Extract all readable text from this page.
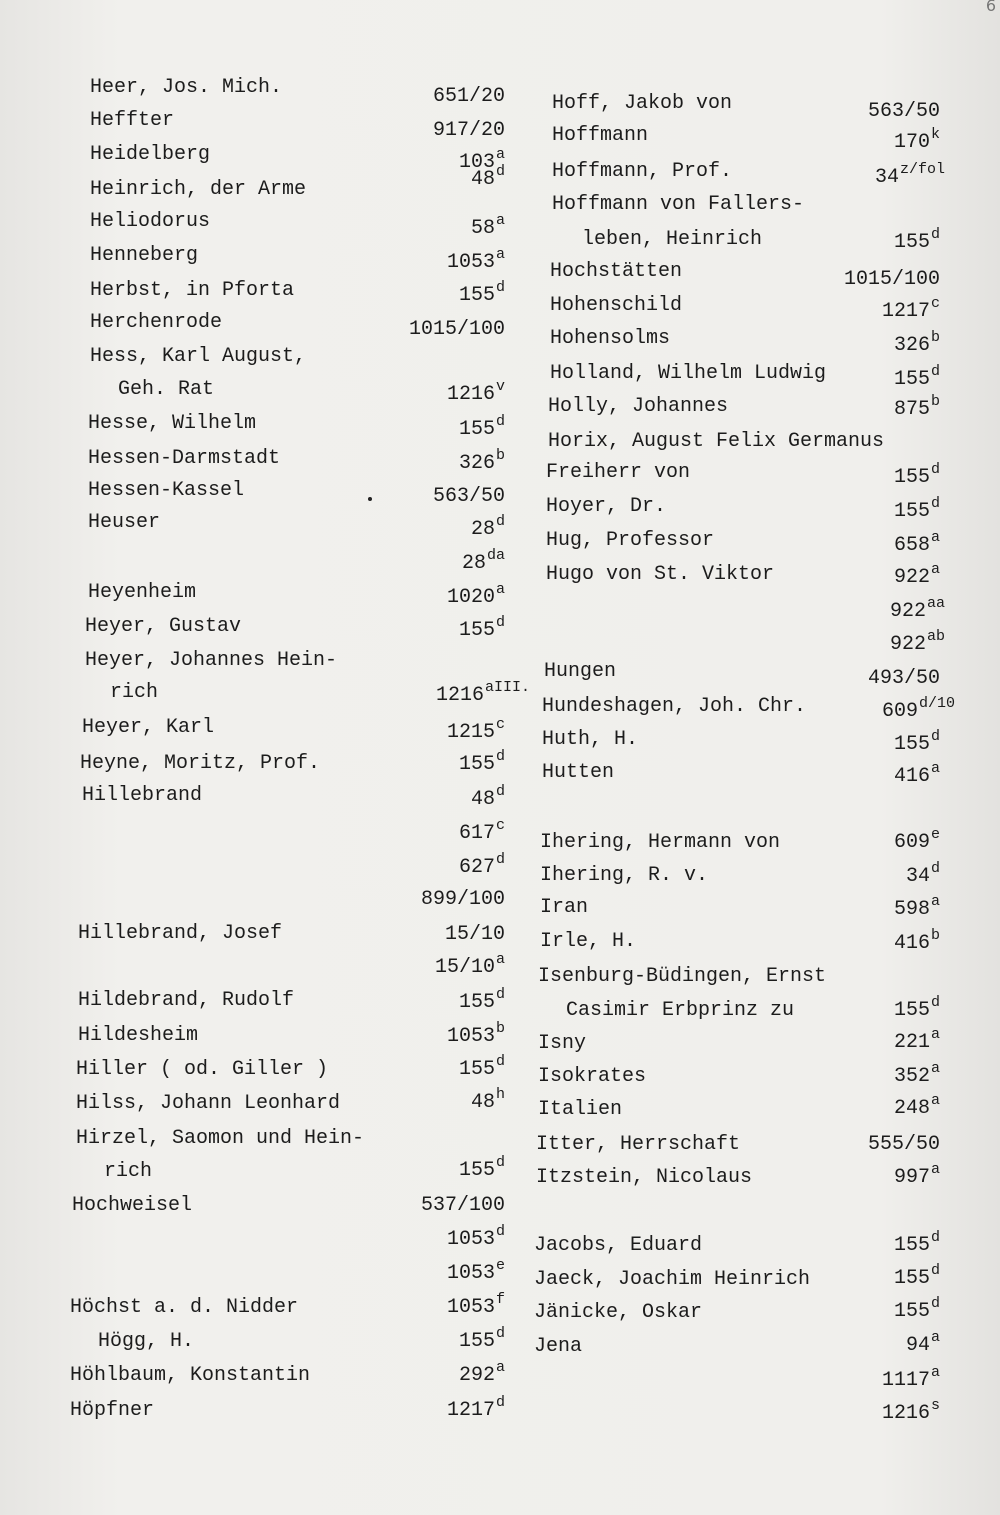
6
Heer, Jos. Mich.	651/20
Heffter	917/20
Heidelberg	103$^a$
Heinrich, der Arme	48$^d$
Heliodorus	58$^a$
Henneberg	1053$^a$
Herbst, in Pforta	155$^d$
Herchenrode	1015/100
Hess, Karl August,
Geh. Rat	1216$^v$
Hesse, Wilhelm	155$^d$
Hessen-Darmstadt	326$^b$
Hessen-Kassel	563/50
Heuser	28$^d$
$28^{da}$
Heyenheim	1020$^a$
Heyer, Gustav	155$^d$
Heyer, Johannes Hein-
rich	$1216^{aIII.}$
Heyer, Karl	1215$^c$
Heyne, Moritz, Prof.	155$^d$
Hillebrand	48$^d$
617$^c$
627$^d$
899/100
Hillebrand, Josef	15/10
15/10$^a$
Hildebrand, Rudolf	155$^d$
Hildesheim	1053$^b$
Hiller ( od. Giller )	155$^d$
Hilss, Johann Leonhard	48$^h$
Hirzel, Saomon und Hein-
rich	155$^d$
Hochweisel	537/100
1053$^d$
1053e
Höchst a. d. Nidder	1053$^f$
Högg, H.	155$^d$
Höhlbaum, Konstantin	292$^a$
Höpfner	1217$^d$
Hoff, Jakob von	563/50
Hoffmann	170$^k$
Hoffmann, Prof.	$34^{z/fol}$
Hoffmann von Fallers-
leben, Heinrich	155$^d$
Hochstätten	1015/100
Hohenschild	1217$^c$
Hohensolms	326$^b$
Holland, Wilhelm Ludwig	155$^d$
Holly, Johannes	875$^b$
Horix, August Felix Germanus
Freiherr von	155$^d$
Hoyer, Dr.	155$^d$
Hug, Professor	658$^a$
Hugo von St. Viktor	922$^a$
$922^{aa}$
$922^{ab}$
Hungen	493/50
Hundeshagen, Joh. Chr.	$609^{d/10}$
Huth, H.	155$^d$
Hutten	416$^a$
Ihering, Hermann von	609e
Ihering, R. v.	34$^d$
Iran	598$^a$
Irle, H.	416$^b$
Isenburg-Büdingen, Ernst
Casimir Erbprinz zu	155$^d$
Isny	221$^a$
Isokrates	352$^a$
Italien	248$^a$
Itter, Herrschaft	555/50
Itzstein, Nicolaus	997$^a$
Jacobs, Eduard	155$^d$
Jaeck, Joachim Heinrich	155$^d$
Jänicke, Oskar	155$^d$
Jena	94$^a$
1117$^a$
1216$^s$
